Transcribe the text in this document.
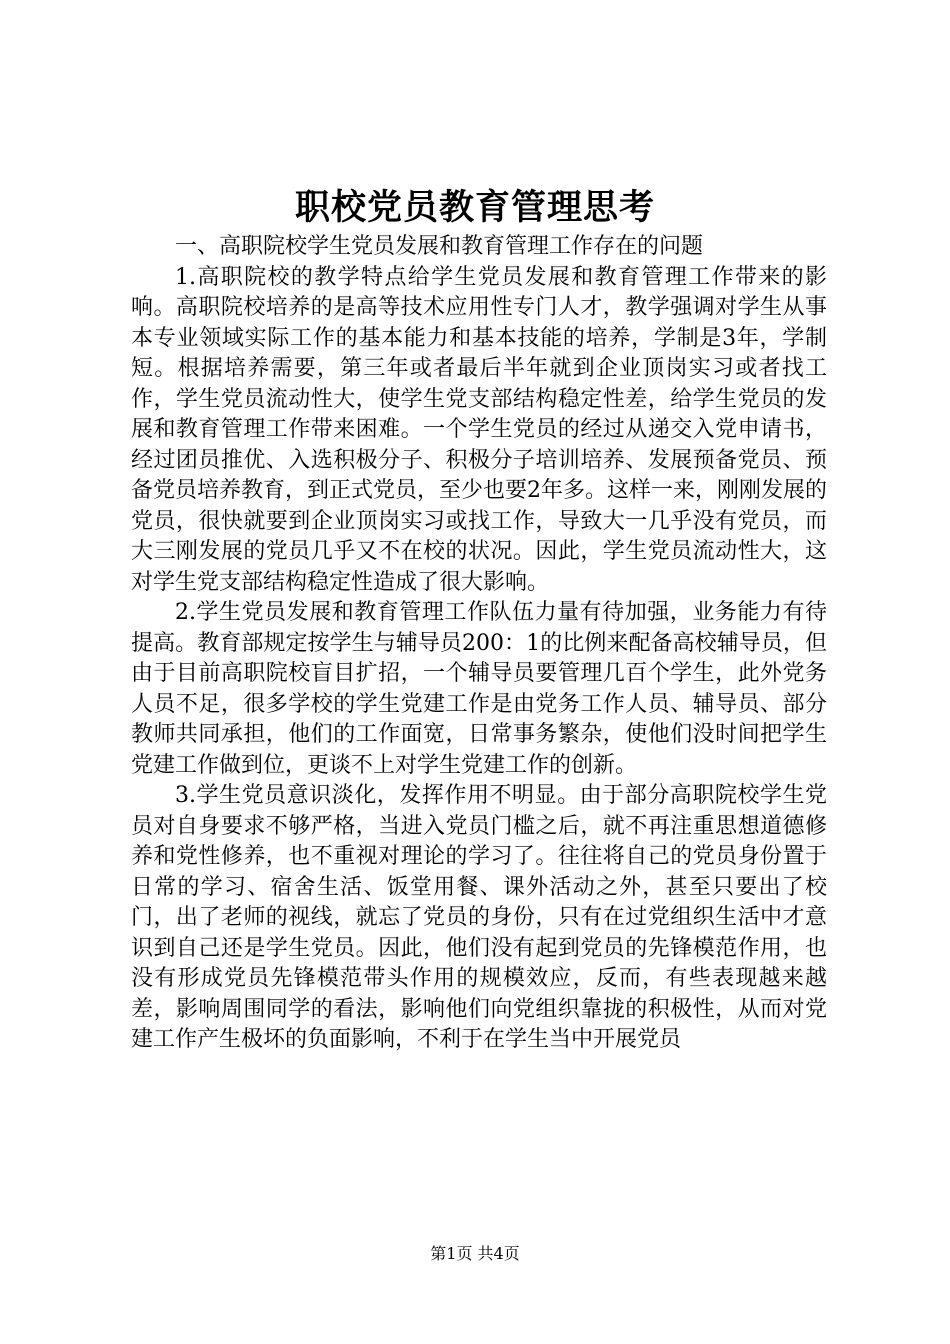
职校党员教育管理思考

一、高职院校学生党员发展和教育管理工作存在的问题

1.高职院校的教学特点给学生党员发展和教育管理工作带来的影响。高职院校培养的是高等技术应用性专门人才，教学强调对学生从事本专业领域实际工作的基本能力和基本技能的培养，学制是3年，学制短。根据培养需要，第三年或者最后半年就到企业顶岗实习或者找工作，学生党员流动性大，使学生党支部结构稳定性差，给学生党员的发展和教育管理工作带来困难。一个学生党员的经过从递交入党申请书，经过团员推优、入选积极分子、积极分子培训培养、发展预备党员、预备党员培养教育，到正式党员，至少也要2年多。这样一来，刚刚发展的党员，很快就要到企业顶岗实习或找工作，导致大一几乎没有党员，而大三刚发展的党员几乎又不在校的状况。因此，学生党员流动性大，这对学生党支部结构稳定性造成了很大影响。

2.学生党员发展和教育管理工作队伍力量有待加强，业务能力有待提高。教育部规定按学生与辅导员200：1的比例来配备高校辅导员，但由于目前高职院校盲目扩招，一个辅导员要管理几百个学生，此外党务人员不足，很多学校的学生党建工作是由党务工作人员、辅导员、部分教师共同承担，他们的工作面宽，日常事务繁杂，使他们没时间把学生党建工作做到位，更谈不上对学生党建工作的创新。

3.学生党员意识淡化，发挥作用不明显。由于部分高职院校学生党员对自身要求不够严格，当进入党员门槛之后，就不再注重思想道德修养和党性修养，也不重视对理论的学习了。往往将自己的党员身份置于日常的学习、宿舍生活、饭堂用餐、课外活动之外，甚至只要出了校门，出了老师的视线，就忘了党员的身份，只有在过党组织生活中才意识到自己还是学生党员。因此，他们没有起到党员的先锋模范作用，也没有形成党员先锋模范带头作用的规模效应，反而，有些表现越来越差，影响周围同学的看法，影响他们向党组织靠拢的积极性，从而对党建工作产生极坏的负面影响，不利于在学生当中开展党员

第1页 共4页
